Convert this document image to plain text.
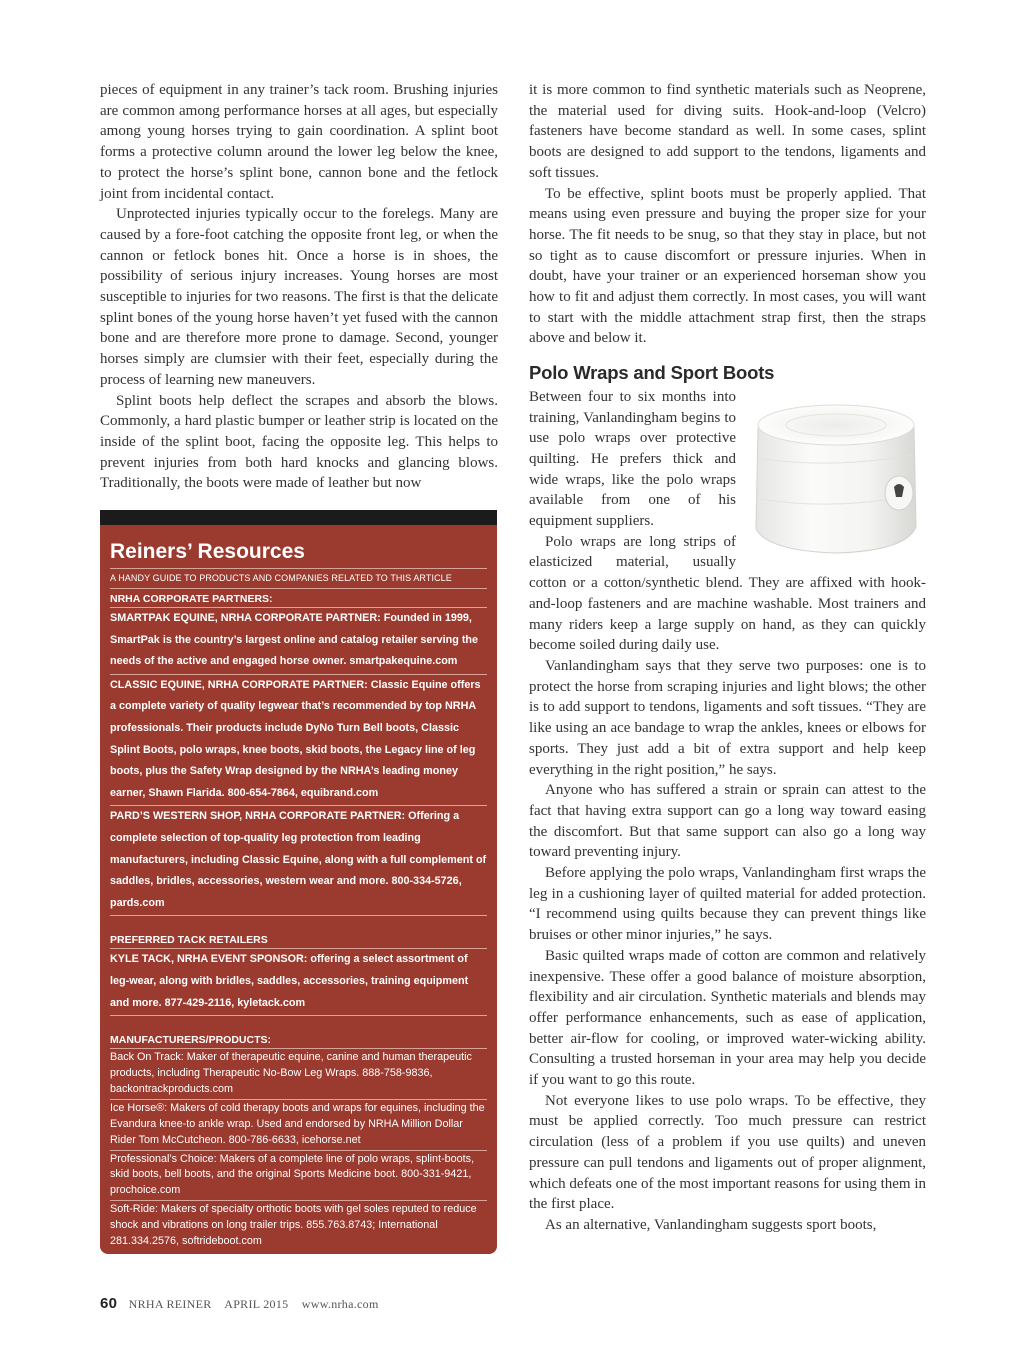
pieces of equipment in any trainer’s tack room. Brushing injuries are common among performance horses at all ages, but especially among young horses trying to gain coordination. A splint boot forms a protective column around the lower leg below the knee, to protect the horse’s splint bone, cannon bone and the fetlock joint from incidental contact.

Unprotected injuries typically occur to the forelegs. Many are caused by a fore-foot catching the opposite front leg, or when the cannon or fetlock bones hit. Once a horse is in shoes, the possibility of serious injury increases. Young horses are most susceptible to injuries for two reasons. The first is that the delicate splint bones of the young horse haven’t yet fused with the cannon bone and are therefore more prone to damage. Second, younger horses simply are clumsier with their feet, especially during the process of learning new maneuvers.

Splint boots help deflect the scrapes and absorb the blows. Commonly, a hard plastic bumper or leather strip is located on the inside of the splint boot, facing the opposite leg. This helps to prevent injuries from both hard knocks and glancing blows. Traditionally, the boots were made of leather but now

Reiners’ Resources
A HANDY GUIDE TO PRODUCTS AND COMPANIES RELATED TO THIS ARTICLE
NRHA CORPORATE PARTNERS:
SMARTPAK EQUINE, NRHA CORPORATE PARTNER: Founded in 1999, SmartPak is the country’s largest online and catalog retailer serving the needs of the active and engaged horse owner. smartpakequine.com
CLASSIC EQUINE, NRHA CORPORATE PARTNER: Classic Equine offers a complete variety of quality legwear that’s recommended by top NRHA professionals. Their products include DyNo Turn Bell boots, Classic Splint Boots, polo wraps, knee boots, skid boots, the Legacy line of leg boots, plus the Safety Wrap designed by the NRHA’s leading money earner, Shawn Flarida. 800-654-7864, equibrand.com
PARD’S WESTERN SHOP, NRHA CORPORATE PARTNER: Offering a complete selection of top-quality leg protection from leading manufacturers, including Classic Equine, along with a full complement of saddles, bridles, accessories, western wear and more. 800-334-5726, pards.com
PREFERRED TACK RETAILERS
KYLE TACK, NRHA EVENT SPONSOR: offering a select assortment of leg-wear, along with bridles, saddles, accessories, training equipment and more. 877-429-2116, kyletack.com
MANUFACTURERS/PRODUCTS:
Back On Track: Maker of therapeutic equine, canine and human therapeutic products, including Therapeutic No-Bow Leg Wraps. 888-758-9836, backontrackproducts.com
Ice Horse®: Makers of cold therapy boots and wraps for equines, including the Evandura knee-to ankle wrap. Used and endorsed by NRHA Million Dollar Rider Tom McCutcheon. 800-786-6633, icehorse.net
Professional’s Choice: Makers of a complete line of polo wraps, splint-boots, skid boots, bell boots, and the original Sports Medicine boot. 800-331-9421, prochoice.com
Soft-Ride: Makers of specialty orthotic boots with gel soles reputed to reduce shock and vibrations on long trailer trips. 855.763.8743; International 281.334.2576, softrideboot.com

it is more common to find synthetic materials such as Neoprene, the material used for diving suits. Hook-and-loop (Velcro) fasteners have become standard as well. In some cases, splint boots are designed to add support to the tendons, ligaments and soft tissues.

To be effective, splint boots must be properly applied. That means using even pressure and buying the proper size for your horse. The fit needs to be snug, so that they stay in place, but not so tight as to cause discomfort or pressure injuries. When in doubt, have your trainer or an experienced horseman show you how to fit and adjust them correctly. In most cases, you will want to start with the middle attachment strap first, then the straps above and below it.

Polo Wraps and Sport Boots

Between four to six months into training, Vanlandingham begins to use polo wraps over protective quilting. He prefers thick and wide wraps, like the polo wraps available from one of his equipment suppliers.

Polo wraps are long strips of elasticized material, usually cotton or a cotton/synthetic blend. They are affixed with hook-and-loop fasteners and are machine washable. Most trainers and many riders keep a large supply on hand, as they can quickly become soiled during daily use.

Vanlandingham says that they serve two purposes: one is to protect the horse from scraping injuries and light blows; the other is to add support to tendons, ligaments and soft tissues. “They are like using an ace bandage to wrap the ankles, knees or elbows for sports. They just add a bit of extra support and help keep everything in the right position,” he says.

Anyone who has suffered a strain or sprain can attest to the fact that having extra support can go a long way toward easing the discomfort. But that same support can also go a long way toward preventing injury.

Before applying the polo wraps, Vanlandingham first wraps the leg in a cushioning layer of quilted material for added protection. “I recommend using quilts because they can prevent things like bruises or other minor injuries,” he says.

Basic quilted wraps made of cotton are common and relatively inexpensive. These offer a good balance of moisture absorption, flexibility and air circulation. Synthetic materials and blends may offer performance enhancements, such as ease of application, better air-flow for cooling, or improved water-wicking ability. Consulting a trusted horseman in your area may help you decide if you want to go this route.

Not everyone likes to use polo wraps. To be effective, they must be applied correctly. Too much pressure can restrict circulation (less of a problem if you use quilts) and uneven pressure can pull tendons and ligaments out of proper alignment, which defeats one of the most important reasons for using them in the first place.

As an alternative, Vanlandingham suggests sport boots,

60 NRHA REINER APRIL 2015 www.nrha.com
